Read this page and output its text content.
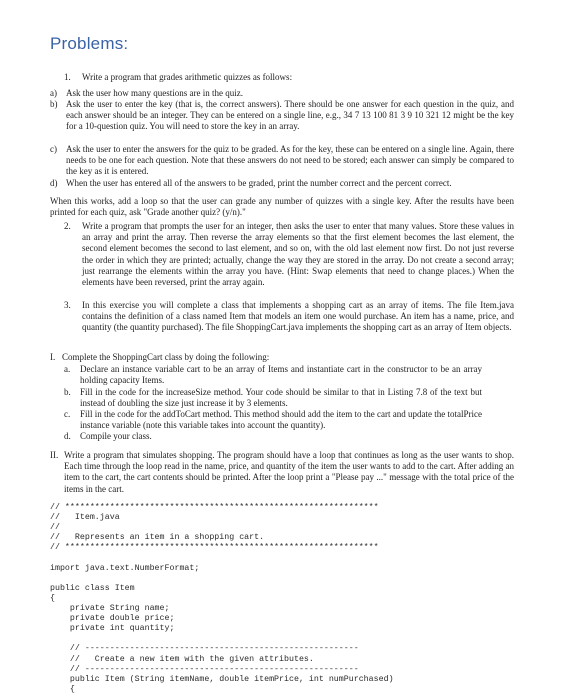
Problems:
1. Write a program that grades arithmetic quizzes as follows:
a) Ask the user how many questions are in the quiz.
b) Ask the user to enter the key (that is, the correct answers). There should be one answer for each question in the quiz, and each answer should be an integer. They can be entered on a single line, e.g., 34 7 13 100 81 3 9 10 321 12 might be the key for a 10-question quiz. You will need to store the key in an array.
c) Ask the user to enter the answers for the quiz to be graded. As for the key, these can be entered on a single line. Again, there needs to be one for each question. Note that these answers do not need to be stored; each answer can simply be compared to the key as it is entered.
d) When the user has entered all of the answers to be graded, print the number correct and the percent correct.
When this works, add a loop so that the user can grade any number of quizzes with a single key. After the results have been printed for each quiz, ask "Grade another quiz? (y/n)."
2. Write a program that prompts the user for an integer, then asks the user to enter that many values. Store these values in an array and print the array. Then reverse the array elements so that the first element becomes the last element, the second element becomes the second to last element, and so on, with the old last element now first. Do not just reverse the order in which they are printed; actually, change the way they are stored in the array. Do not create a second array; just rearrange the elements within the array you have. (Hint: Swap elements that need to change places.) When the elements have been reversed, print the array again.
3. In this exercise you will complete a class that implements a shopping cart as an array of items. The file Item.java contains the definition of a class named Item that models an item one would purchase. An item has a name, price, and quantity (the quantity purchased). The file ShoppingCart.java implements the shopping cart as an array of Item objects.
I. Complete the ShoppingCart class by doing the following:
a. Declare an instance variable cart to be an array of Items and instantiate cart in the constructor to be an array holding capacity Items.
b. Fill in the code for the increaseSize method. Your code should be similar to that in Listing 7.8 of the text but instead of doubling the size just increase it by 3 elements.
c. Fill in the code for the addToCart method. This method should add the item to the cart and update the totalPrice instance variable (note this variable takes into account the quantity).
d. Compile your class.
II. Write a program that simulates shopping. The program should have a loop that continues as long as the user wants to shop. Each time through the loop read in the name, price, and quantity of the item the user wants to add to the cart. After adding an item to the cart, the cart contents should be printed. After the loop print a "Please pay ..." message with the total price of the items in the cart.
// ***************************************************************
//   Item.java
//
//   Represents an item in a shopping cart.
// ***************************************************************
import java.text.NumberFormat;
public class Item
{
private String name;
private double price;
private int quantity;
// -------------------------------------------------------
//   Create a new item with the given attributes.
// -------------------------------------------------------
public Item (String itemName, double itemPrice, int numPurchased)
{
